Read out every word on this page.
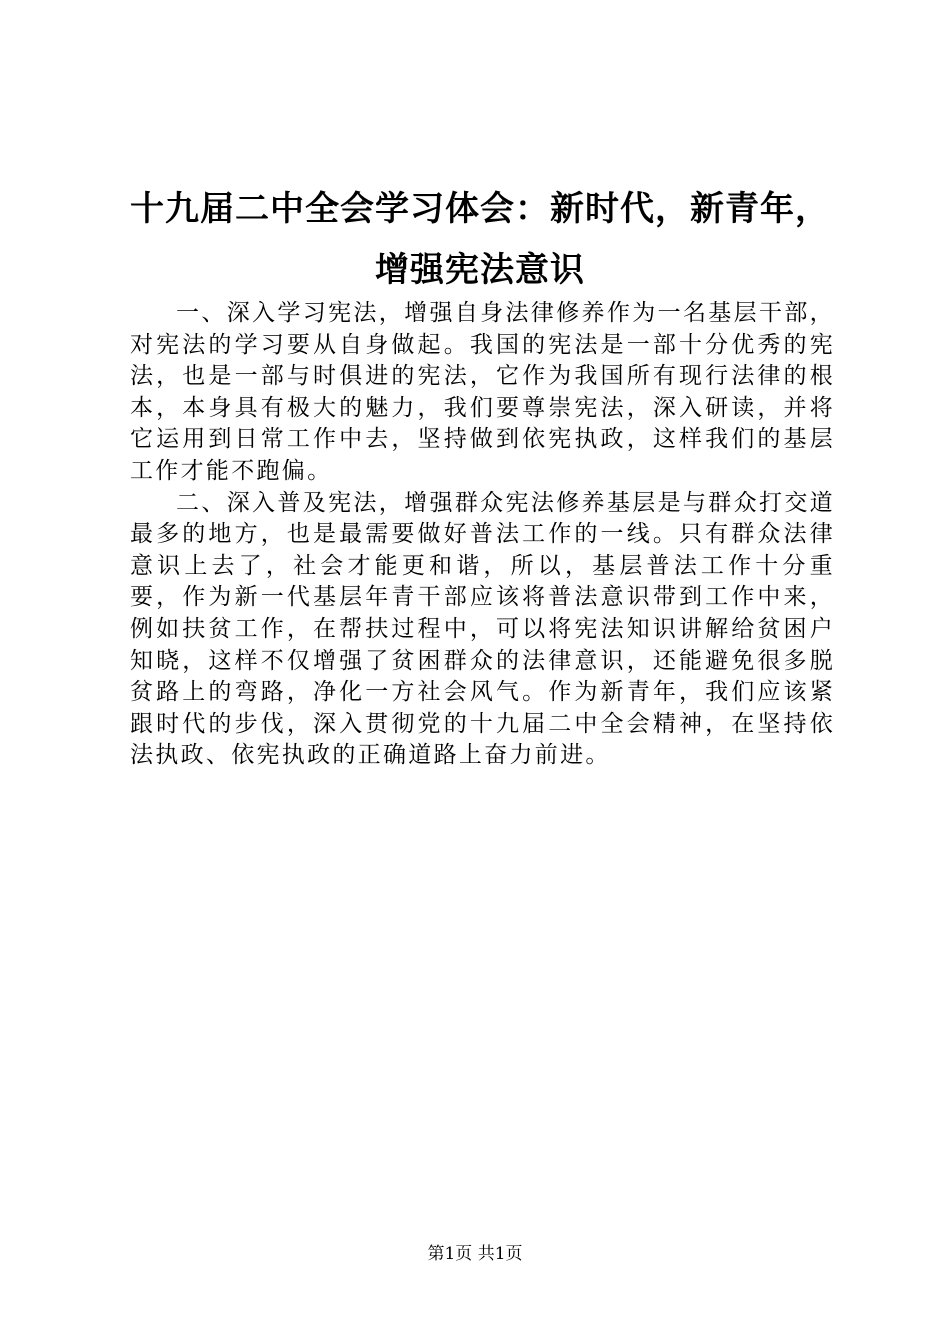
十九届二中全会学习体会：新时代，新青年，
增强宪法意识

一、深入学习宪法，增强自身法律修养作为一名基层干部，对宪法的学习要从自身做起。我国的宪法是一部十分优秀的宪法，也是一部与时俱进的宪法，它作为我国所有现行法律的根本，本身具有极大的魅力，我们要尊崇宪法，深入研读，并将它运用到日常工作中去，坚持做到依宪执政，这样我们的基层工作才能不跑偏。

二、深入普及宪法，增强群众宪法修养基层是与群众打交道最多的地方，也是最需要做好普法工作的一线。只有群众法律意识上去了，社会才能更和谐，所以，基层普法工作十分重要，作为新一代基层年青干部应该将普法意识带到工作中来，例如扶贫工作，在帮扶过程中，可以将宪法知识讲解给贫困户知晓，这样不仅增强了贫困群众的法律意识，还能避免很多脱贫路上的弯路，净化一方社会风气。作为新青年，我们应该紧跟时代的步伐，深入贯彻党的十九届二中全会精神，在坚持依法执政、依宪执政的正确道路上奋力前进。

第1页 共1页
